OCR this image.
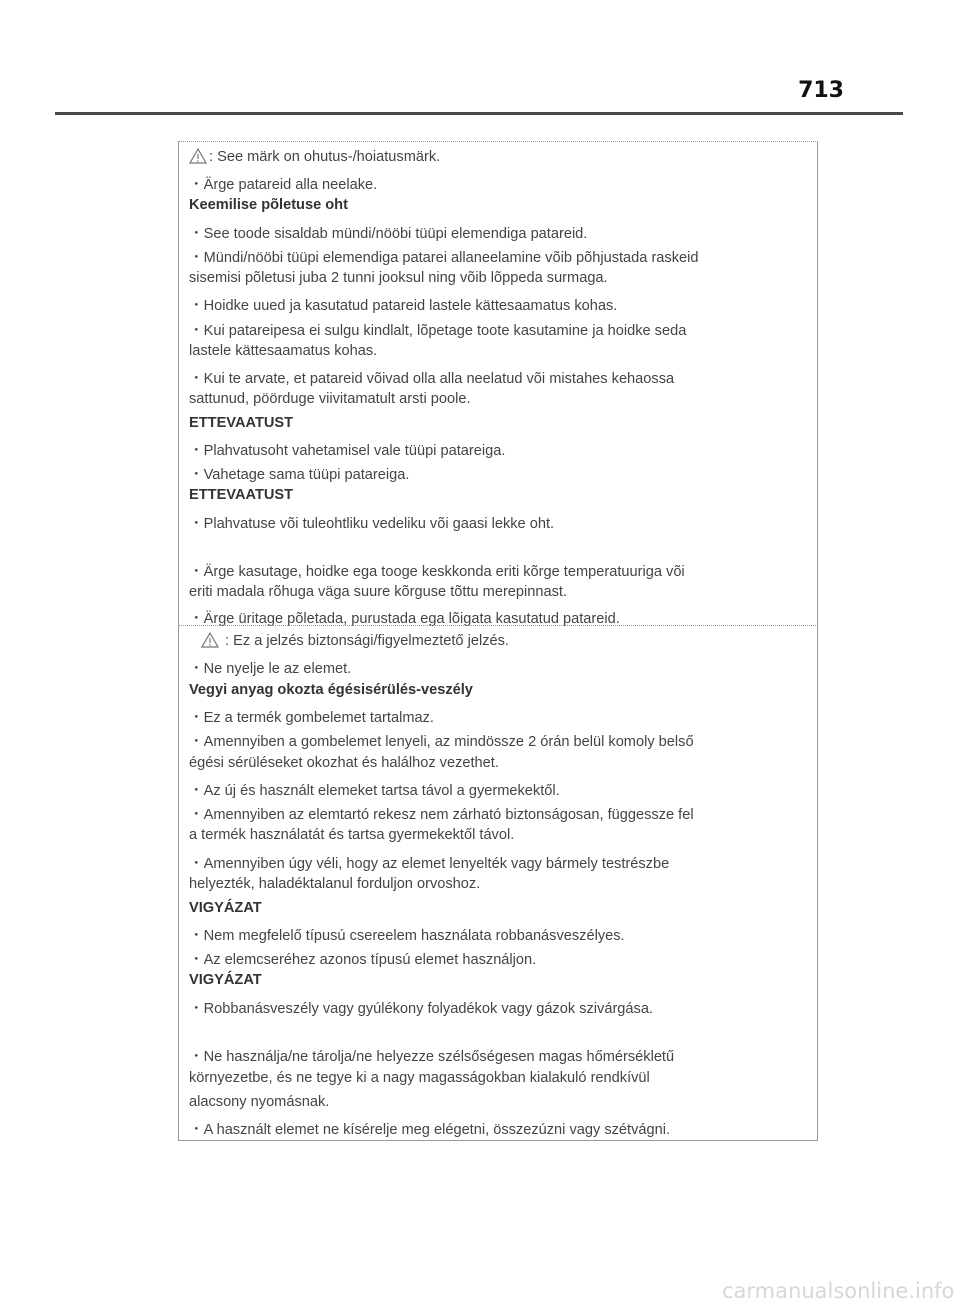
713
: See märk on ohutus-/hoiatusmärk.
・Ärge patareid alla neelake.
Keemilise põletuse oht
・See toode sisaldab mündi/nööbi tüüpi elemendiga patareid.
・Mündi/nööbi tüüpi elemendiga patarei allaneelamine võib põhjustada raskeid
sisemisi põletusi juba 2 tunni jooksul ning võib lõppeda surmaga.
・Hoidke uued ja kasutatud patareid lastele kättesaamatus kohas.
・Kui patareipesa ei sulgu kindlalt, lõpetage toote kasutamine ja hoidke seda
lastele kättesaamatus kohas.
・Kui te arvate, et patareid võivad olla alla neelatud või mistahes kehaossa
sattunud, pöörduge viivitamatult arsti poole.
ETTEVAATUST
・Plahvatusoht vahetamisel vale tüüpi patareiga.
・Vahetage sama tüüpi patareiga.
ETTEVAATUST
・Plahvatuse või tuleohtliku vedeliku või gaasi lekke oht.
・Ärge kasutage, hoidke ega tooge keskkonda eriti kõrge temperatuuriga või
eriti madala rõhuga väga suure kõrguse tõttu merepinnast.
・Ärge üritage põletada, purustada ega lõigata kasutatud patareid.
: Ez a jelzés biztonsági/figyelmeztető jelzés.
・Ne nyelje le az elemet.
Vegyi anyag okozta égésisérülés-veszély
・Ez a termék gombelemet tartalmaz.
・Amennyiben a gombelemet lenyeli, az mindössze 2 órán belül komoly belső
égési sérüléseket okozhat és halálhoz vezethet.
・Az új és használt elemeket tartsa távol a gyermekektől.
・Amennyiben az elemtartó rekesz nem zárható biztonságosan, függessze fel
a termék használatát és tartsa gyermekektől távol.
・Amennyiben úgy véli, hogy az elemet lenyelték vagy bármely testrészbe
helyezték, haladéktalanul forduljon orvoshoz.
VIGYÁZAT
・Nem megfelelő típusú csereelem használata robbanásveszélyes.
・Az elemcseréhez azonos típusú elemet használjon.
VIGYÁZAT
・Robbanásveszély vagy gyúlékony folyadékok vagy gázok szivárgása.
・Ne használja/ne tárolja/ne helyezze szélsőségesen magas hőmérsékletű
környezetbe, és ne tegye ki a nagy magasságokban kialakuló rendkívül
alacsony nyomásnak.
・A használt elemet ne kísérelje meg elégetni, összezúzni vagy szétvágni.
carmanualsonline.info
